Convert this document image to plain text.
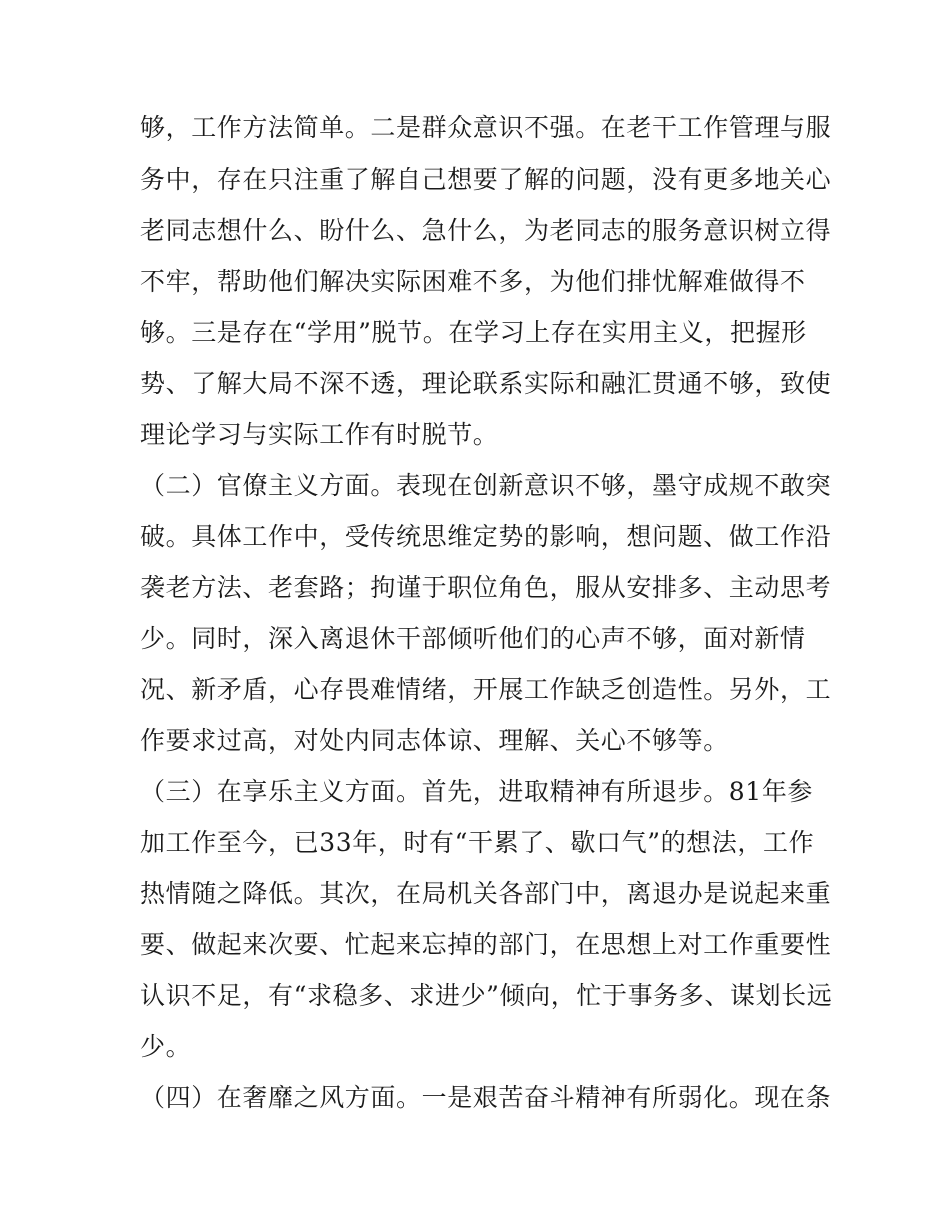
够，工作方法简单。二是群众意识不强。在老干工作管理与服
务中，存在只注重了解自己想要了解的问题，没有更多地关心
老同志想什么、盼什么、急什么，为老同志的服务意识树立得
不牢，帮助他们解决实际困难不多，为他们排忧解难做得不
够。三是存在“学用”脱节。在学习上存在实用主义，把握形
势、了解大局不深不透，理论联系实际和融汇贯通不够，致使
理论学习与实际工作有时脱节。
（二）官僚主义方面。表现在创新意识不够，墨守成规不敢突
破。具体工作中，受传统思维定势的影响，想问题、做工作沿
袭老方法、老套路；拘谨于职位角色，服从安排多、主动思考
少。同时，深入离退休干部倾听他们的心声不够，面对新情
况、新矛盾，心存畏难情绪，开展工作缺乏创造性。另外，工
作要求过高，对处内同志体谅、理解、关心不够等。
（三）在享乐主义方面。首先，进取精神有所退步。81年参
加工作至今，已33年，时有“干累了、歇口气”的想法，工作
热情随之降低。其次，在局机关各部门中，离退办是说起来重
要、做起来次要、忙起来忘掉的部门，在思想上对工作重要性
认识不足，有“求稳多、求进少”倾向，忙于事务多、谋划长远
少。
（四）在奢靡之风方面。一是艰苦奋斗精神有所弱化。现在条
